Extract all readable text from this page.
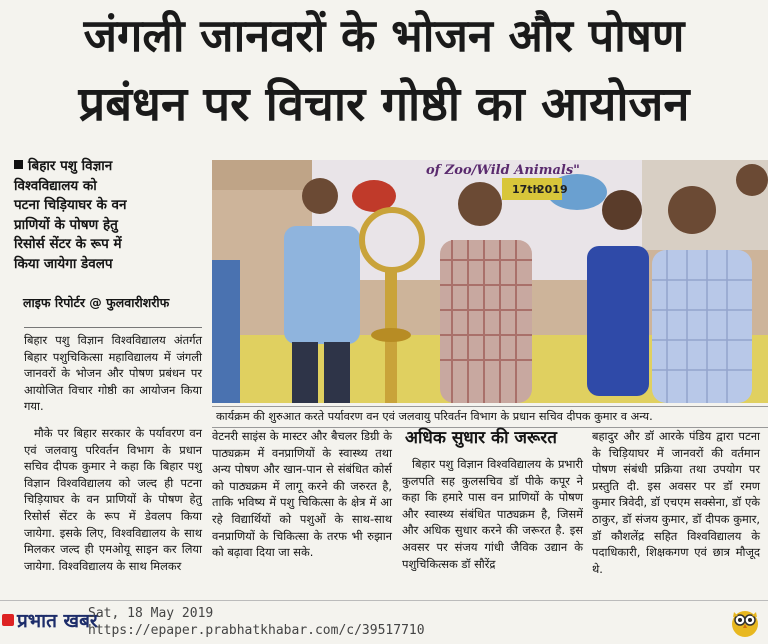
जंगली जानवरों के भोजन और पोषण
प्रबंधन पर विचार गोष्ठी का आयोजन
बिहार पशु विज्ञान
विश्वविद्यालय को
पटना चिड़ियाघर के वन
प्राणियों के पोषण हेतु
रिसोर्स सेंटर के रूप में
किया जायेगा डेवलप
लाइफ रिपोर्टर @ फुलवारीशरीफ
17th
2019
of Zoo/Wild Animals"
कार्यक्रम की शुरुआत करते पर्यावरण वन एवं जलवायु परिवर्तन विभाग के प्रधान सचिव दीपक कुमार व अन्य.
बिहार पशु विज्ञान विश्वविद्यालय अंतर्गत बिहार पशुचिकित्सा महाविद्यालय में जंगली जानवरों के भोजन और पोषण प्रबंधन पर आयोजित विचार गोष्ठी का आयोजन किया गया.
मौके पर बिहार सरकार के पर्यावरण वन एवं जलवायु परिवर्तन विभाग के प्रधान सचिव दीपक कुमार ने कहा कि बिहार पशु विज्ञान विश्वविद्यालय को जल्द ही पटना चिड़ियाघर के वन प्राणियों के पोषण हेतु रिसोर्स सेंटर के रूप में डेवलप किया जायेगा. इसके लिए, विश्वविद्यालय के साथ मिलकर जल्द ही एमओयू साइन कर लिया जायेगा. विश्वविद्यालय के साथ मिलकर
वेटनरी साइंस के मास्टर और बैचलर डिग्री के पाठ्यक्रम में वनप्राणियों के स्वास्थ्य तथा अन्य पोषण और खान-पान से संबंधित कोर्स को पाठ्यक्रम में लागू करने की जरुरत है, ताकि भविष्य में पशु चिकित्सा के क्षेत्र में आ रहे विद्यार्थियों को पशुओं के साथ-साथ वनप्राणियों के चिकित्सा के तरफ भी रुझान को बढ़ावा दिया जा सके.
अधिक सुधार की जरूरत
बिहार पशु विज्ञान विश्वविद्यालय के प्रभारी कुलपति सह कुलसचिव डॉ पीके कपूर ने कहा कि हमारे पास वन प्राणियों के पोषण और स्वास्थ्य संबंधित पाठ्यक्रम है, जिसमें और अधिक सुधार करने की जरूरत है. इस अवसर पर संजय गांधी जैविक उद्यान के पशुचिकित्सक डॉ सौरेंद्र
बहादुर और डॉ आरके पंडिय द्वारा पटना के चिड़ियाघर में जानवरों की वर्तमान पोषण संबंधी प्रक्रिया तथा उपयोग पर प्रस्तुति दी. इस अवसर पर डॉ रमण कुमार त्रिवेदी, डॉ एचएम सक्सेना, डॉ एके ठाकुर, डॉ संजय कुमार, डॉ दीपक कुमार, डॉ कौशलेंद्र सहित विश्वविद्यालय के पदाधिकारी, शिक्षकगण एवं छात्र मौजूद थे.
प्रभात खबर
Sat, 18 May 2019
https://epaper.prabhatkhabar.com/c/39517710
